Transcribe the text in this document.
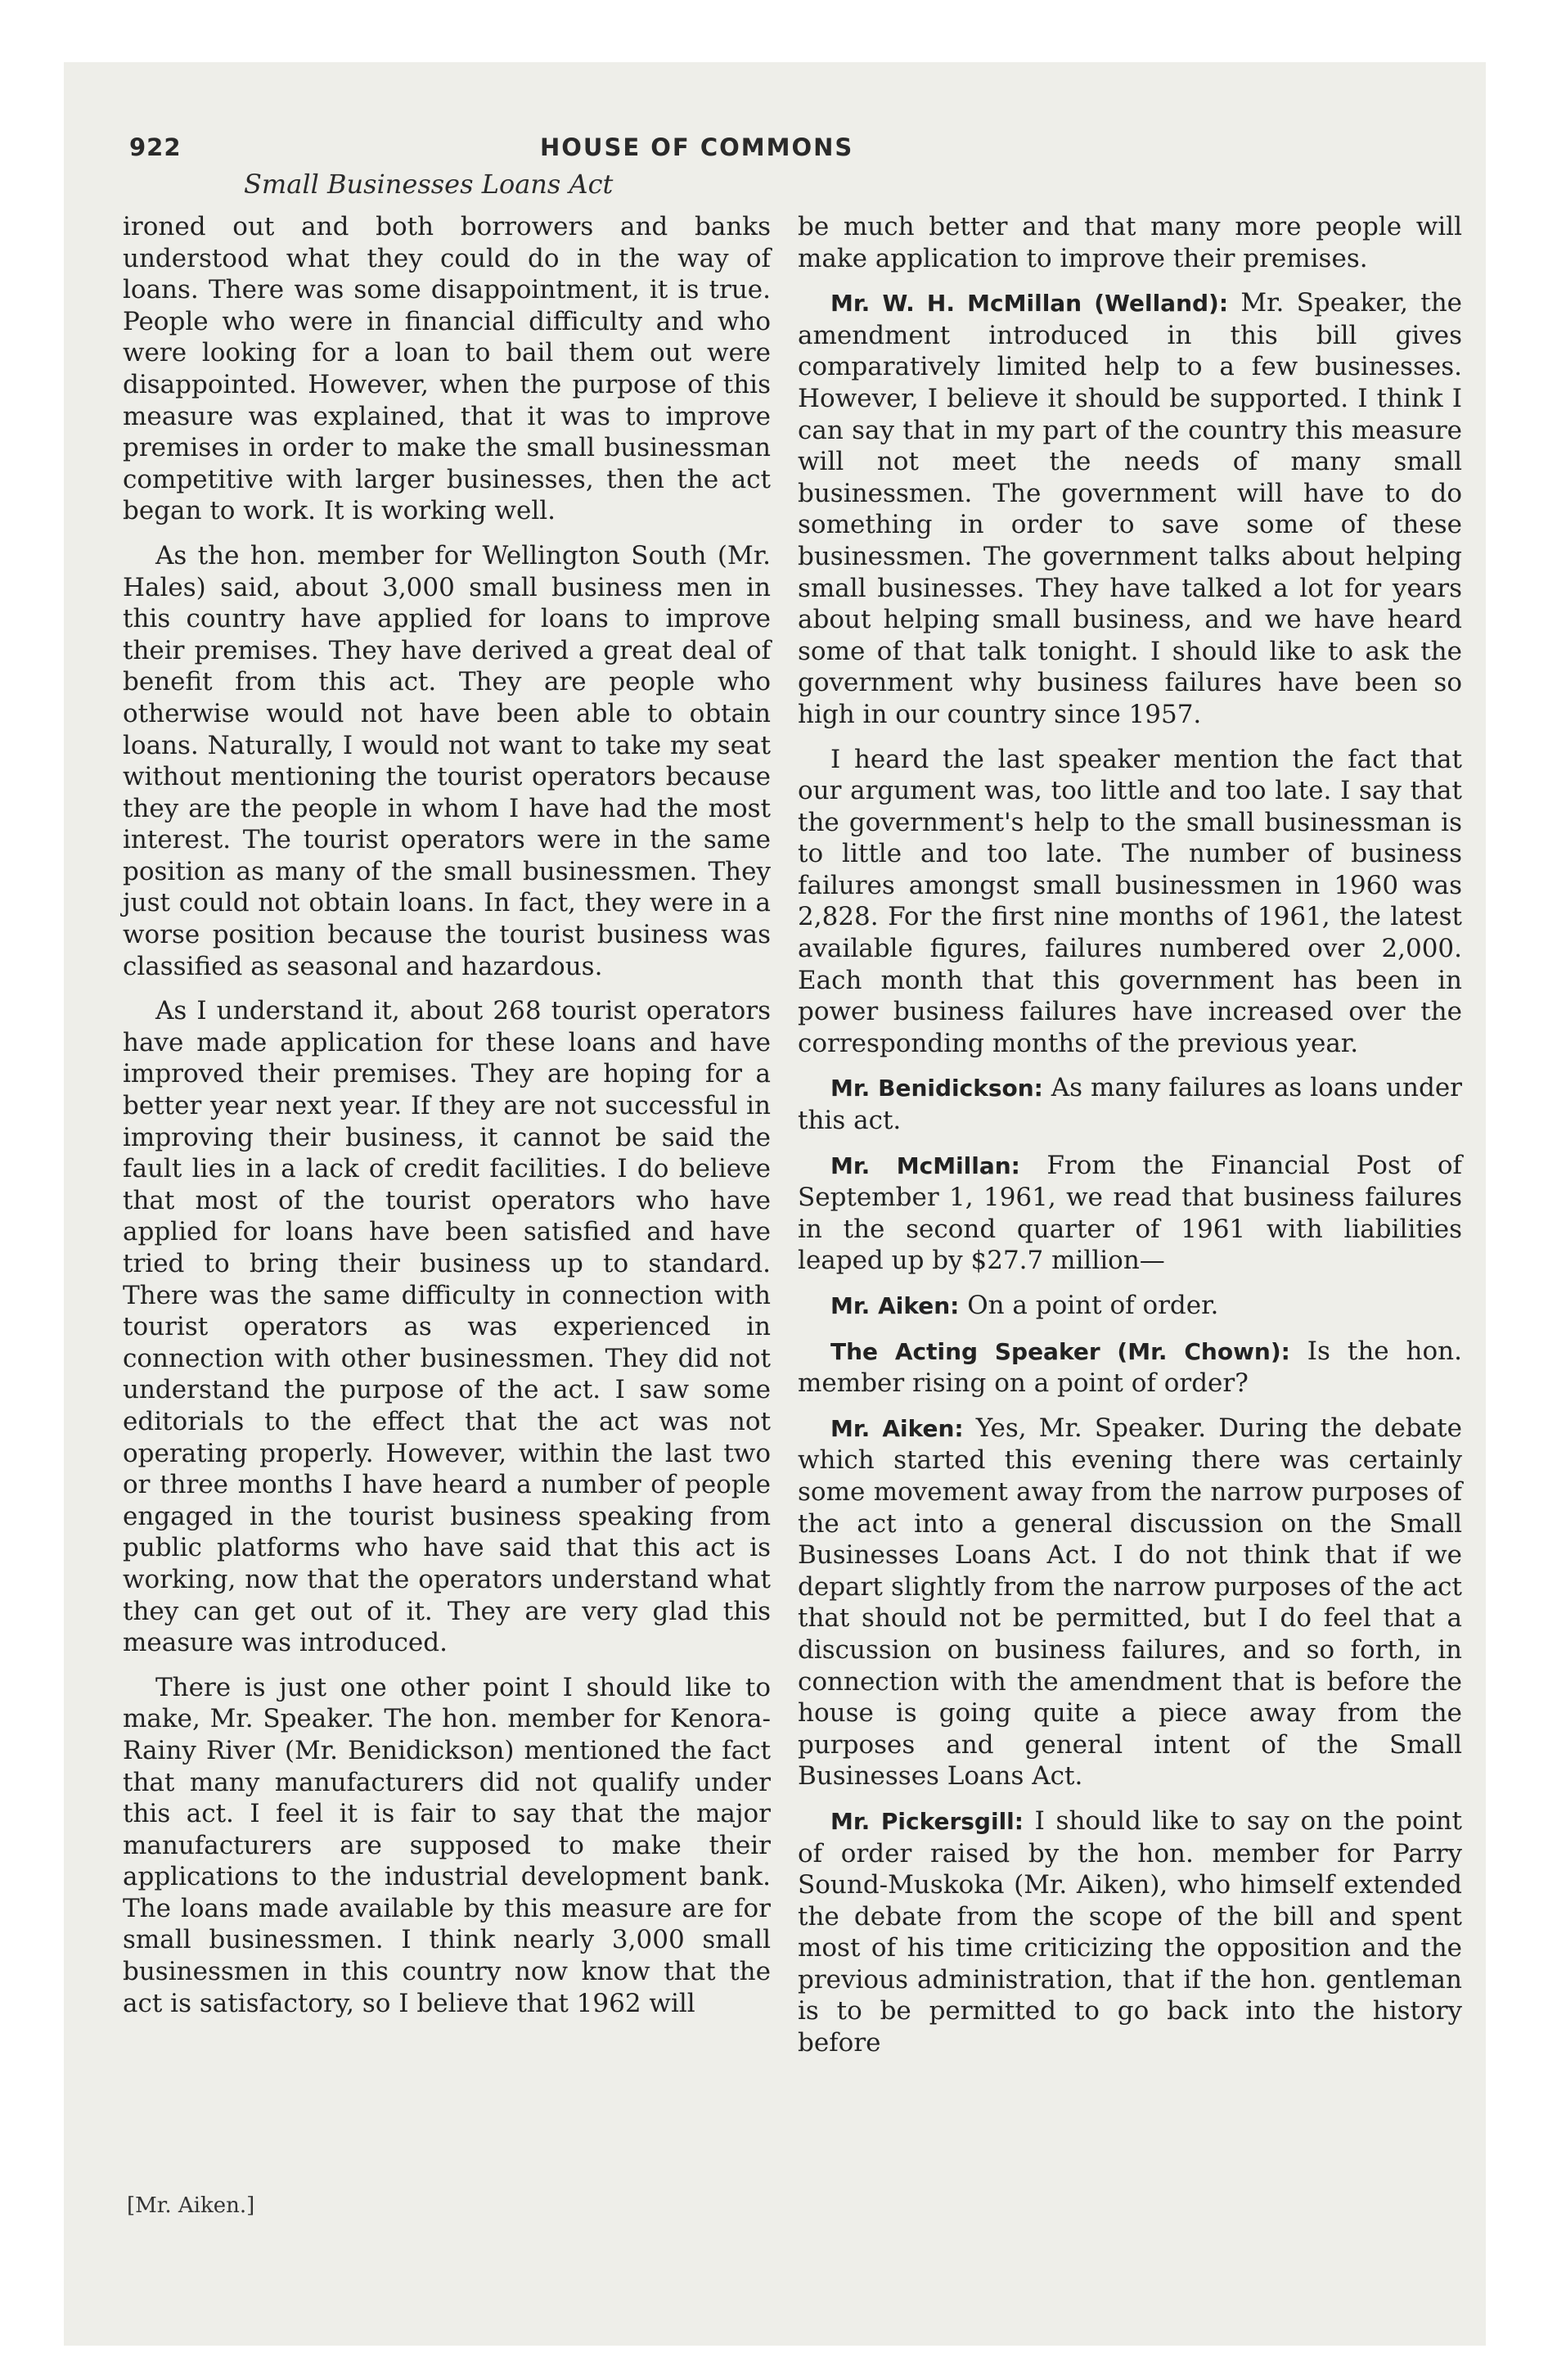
922	HOUSE OF COMMONS
Small Businesses Loans Act

ironed out and both borrowers and banks understood what they could do in the way of loans. There was some disappointment, it is true. People who were in financial difficulty and who were looking for a loan to bail them out were disappointed. However, when the purpose of this measure was explained, that it was to improve premises in order to make the small businessman competitive with larger businesses, then the act began to work. It is working well.

As the hon. member for Wellington South (Mr. Hales) said, about 3,000 small business men in this country have applied for loans to improve their premises. They have derived a great deal of benefit from this act. They are people who otherwise would not have been able to obtain loans. Naturally, I would not want to take my seat without mentioning the tourist operators because they are the people in whom I have had the most interest. The tourist operators were in the same position as many of the small businessmen. They just could not obtain loans. In fact, they were in a worse position because the tourist business was classified as seasonal and hazardous.

As I understand it, about 268 tourist operators have made application for these loans and have improved their premises. They are hoping for a better year next year. If they are not successful in improving their business, it cannot be said the fault lies in a lack of credit facilities. I do believe that most of the tourist operators who have applied for loans have been satisfied and have tried to bring their business up to standard. There was the same difficulty in connection with tourist operators as was experienced in connection with other businessmen. They did not understand the purpose of the act. I saw some editorials to the effect that the act was not operating properly. However, within the last two or three months I have heard a number of people engaged in the tourist business speaking from public platforms who have said that this act is working, now that the operators understand what they can get out of it. They are very glad this measure was introduced.

There is just one other point I should like to make, Mr. Speaker. The hon. member for Kenora-Rainy River (Mr. Benidickson) mentioned the fact that many manufacturers did not qualify under this act. I feel it is fair to say that the major manufacturers are supposed to make their applications to the industrial development bank. The loans made available by this measure are for small businessmen. I think nearly 3,000 small businessmen in this country now know that the act is satisfactory, so I believe that 1962 will

be much better and that many more people will make application to improve their premises.

Mr. W. H. McMillan (Welland): Mr. Speaker, the amendment introduced in this bill gives comparatively limited help to a few businesses. However, I believe it should be supported. I think I can say that in my part of the country this measure will not meet the needs of many small businessmen. The government will have to do something in order to save some of these businessmen. The government talks about helping small businesses. They have talked a lot for years about helping small business, and we have heard some of that talk tonight. I should like to ask the government why business failures have been so high in our country since 1957.

I heard the last speaker mention the fact that our argument was, too little and too late. I say that the government's help to the small businessman is to little and too late. The number of business failures amongst small businessmen in 1960 was 2,828. For the first nine months of 1961, the latest available figures, failures numbered over 2,000. Each month that this government has been in power business failures have increased over the corresponding months of the previous year.

Mr. Benidickson: As many failures as loans under this act.

Mr. McMillan: From the Financial Post of September 1, 1961, we read that business failures in the second quarter of 1961 with liabilities leaped up by $27.7 million—

Mr. Aiken: On a point of order.

The Acting Speaker (Mr. Chown): Is the hon. member rising on a point of order?

Mr. Aiken: Yes, Mr. Speaker. During the debate which started this evening there was certainly some movement away from the narrow purposes of the act into a general discussion on the Small Businesses Loans Act. I do not think that if we depart slightly from the narrow purposes of the act that should not be permitted, but I do feel that a discussion on business failures, and so forth, in connection with the amendment that is before the house is going quite a piece away from the purposes and general intent of the Small Businesses Loans Act.

Mr. Pickersgill: I should like to say on the point of order raised by the hon. member for Parry Sound-Muskoka (Mr. Aiken), who himself extended the debate from the scope of the bill and spent most of his time criticizing the opposition and the previous administration, that if the hon. gentleman is to be permitted to go back into the history before

[Mr. Aiken.]
